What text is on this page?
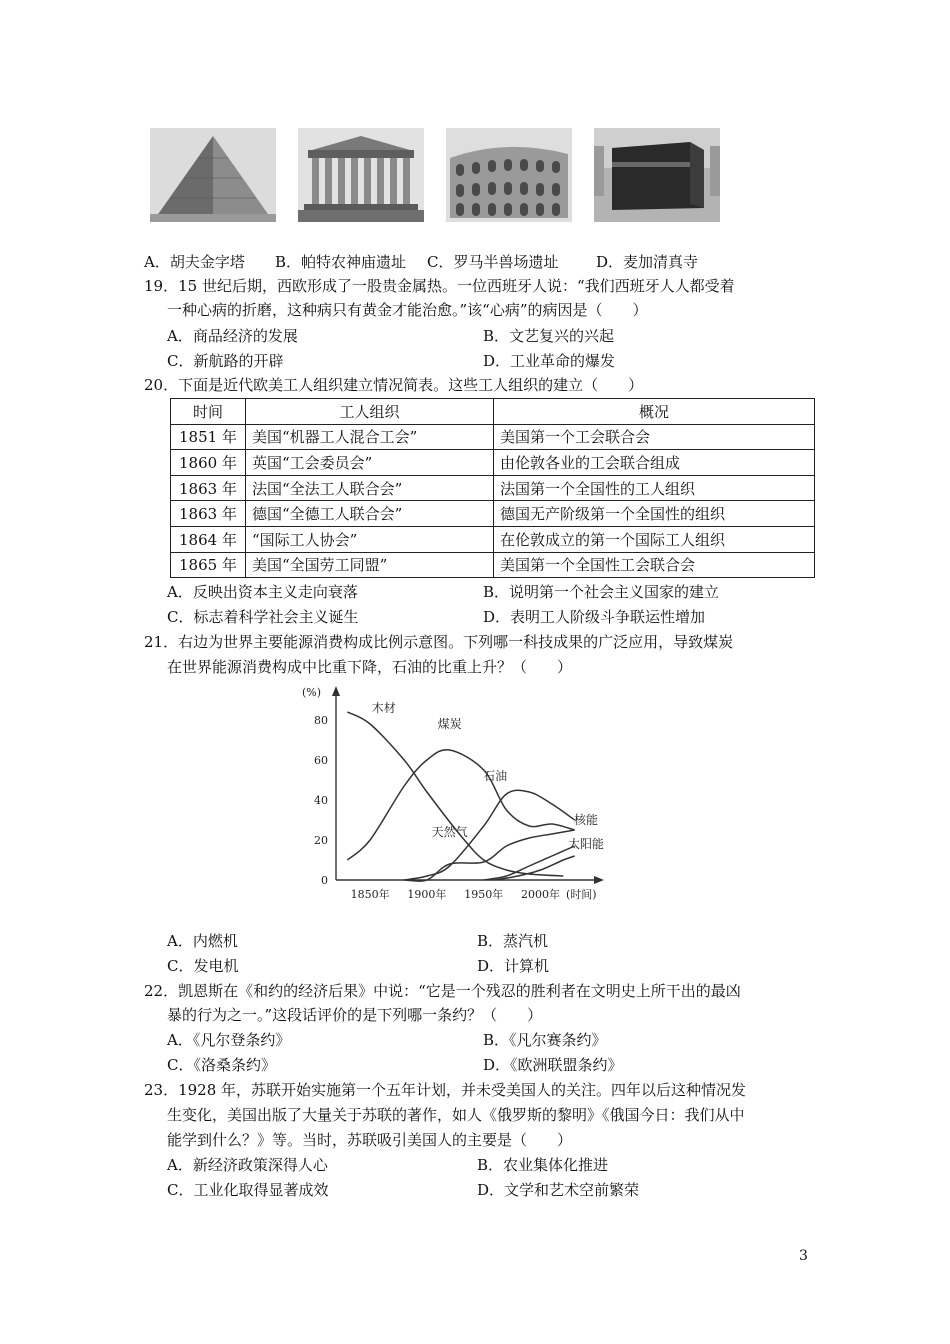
A．胡夫金字塔 B．帕特农神庙遗址 C．罗马半兽场遗址	D．麦加清真寺
19．15 世纪后期，西欧形成了一股贵金属热。一位西班牙人说：“我们西班牙人人都受着
一种心病的折磨，这种病只有黄金才能治愈。”该“心病”的病因是（　　）
A．商品经济的发展	B．文艺复兴的兴起
C．新航路的开辟	D．工业革命的爆发
20．下面是近代欧美工人组织建立情况简表。这些工人组织的建立（　　）
时间	工人组织	概况
1851 年	美国“机器工人混合工会”	美国第一个工会联合会
1860 年	英国“工会委员会”	由伦敦各业的工会联合组成
1863 年	法国“全法工人联合会”	法国第一个全国性的工人组织
1863 年	德国“全德工人联合会”	德国无产阶级第一个全国性的组织
1864 年	“国际工人协会”	在伦敦成立的第一个国际工人组织
1865 年	美国“全国劳工同盟”	美国第一个全国性工会联合会
A．反映出资本主义走向衰落	B．说明第一个社会主义国家的建立
C．标志着科学社会主义诞生	D．表明工人阶级斗争联运性增加
21．右边为世界主要能源消费构成比例示意图。下列哪一科技成果的广泛应用，导致煤炭
在世界能源消费构成中比重下降，石油的比重上升？（　　）
(%)
(时间)
0
20
40
60
80
1850年 1900年 1950年 2000年
木材
煤炭
石油
天然气
核能
太阳能
A．内燃机	B．蒸汽机
C．发电机	D．计算机
22．凯恩斯在《和约的经济后果》中说：“它是一个残忍的胜利者在文明史上所干出的最凶
暴的行为之一。”这段话评价的是下列哪一条约？（　　）
A．《凡尔登条约》	B．《凡尔赛条约》
C．《洛桑条约》	D．《欧洲联盟条约》
23．1928 年，苏联开始实施第一个五年计划，并未受美国人的关注。四年以后这种情况发
生变化，美国出版了大量关于苏联的著作，如人《俄罗斯的黎明》《俄国今日：我们从中
能学到什么？》等。当时，苏联吸引美国人的主要是（　　）
A．新经济政策深得人心	B．农业集体化推进
C．工业化取得显著成效	D．文学和艺术空前繁荣
3
